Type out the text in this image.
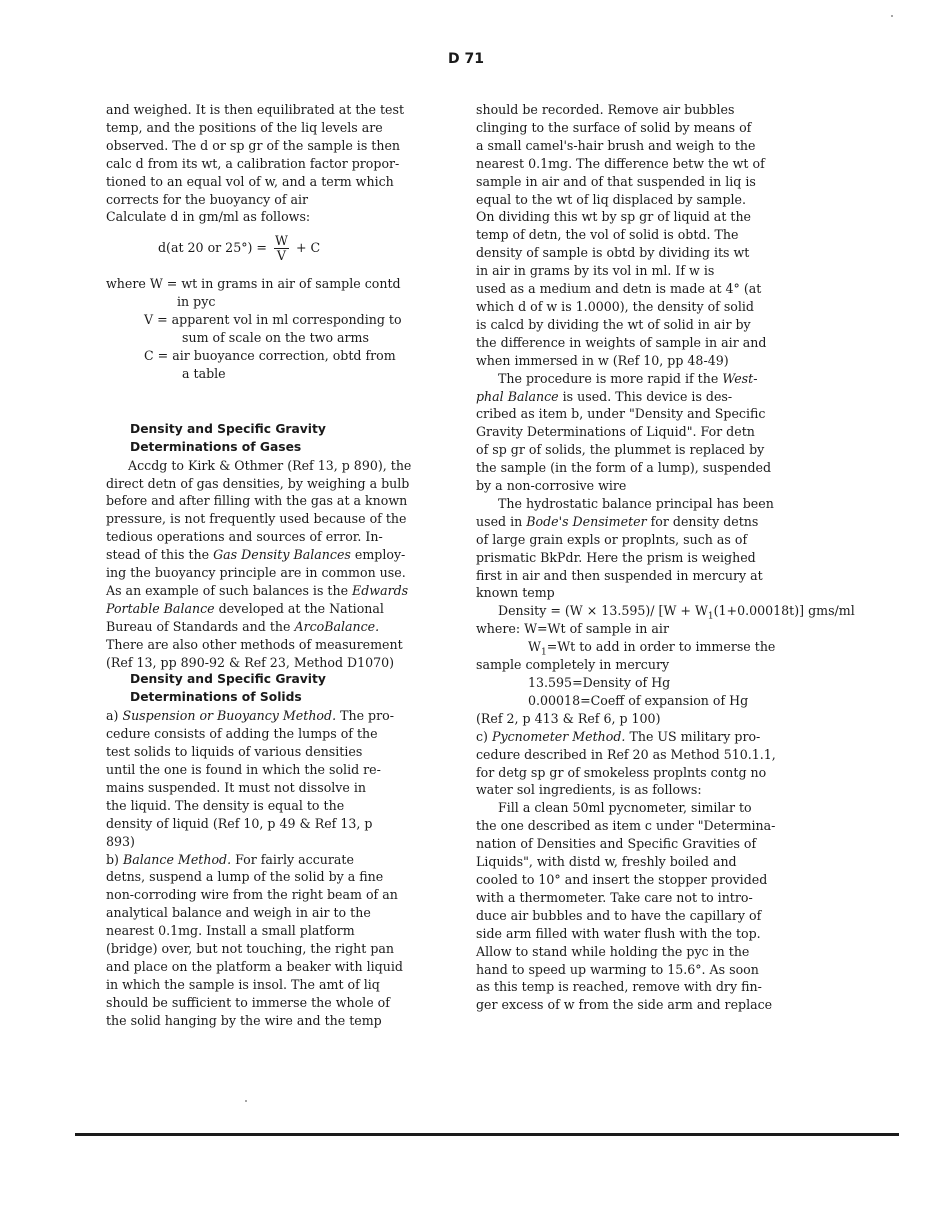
D 71

and weighed. It is then equilibrated at the test
temp, and the positions of the liq levels are
observed. The d or sp gr of the sample is then
calc d from its wt, a calibration factor propor-
tioned to an equal vol of w, and a term which
corrects for the buoyancy of air
Calculate d in gm/ml as follows:

d(at 20 or $25^\circ) = \frac{W}{V} + C$

where W = wt in grams in air of sample contd
in pyc
V = apparent vol in ml corresponding to
sum of scale on the two arms
C = air buoyance correction, obtd from
a table

Density and Specific Gravity
Determinations of Gases

Accdg to Kirk & Othmer (Ref 13, p 890), the
direct detn of gas densities, by weighing a bulb
before and after filling with the gas at a known
pressure, is not frequently used because of the
tedious operations and sources of error. In-
stead of this the Gas Density Balances employ-
ing the buoyancy principle are in common use.
As an example of such balances is the Edwards
Portable Balance developed at the National
Bureau of Standards and the ArcoBalance.
There are also other methods of measurement
(Ref 13, pp 890-92 & Ref 23, Method D1070)

Density and Specific Gravity
Determinations of Solids

a) Suspension or Buoyancy Method. The pro-
cedure consists of adding the lumps of the
test solids to liquids of various densities
until the one is found in which the solid re-
mains suspended. It must not dissolve in
the liquid. The density is equal to the
density of liquid (Ref 10, p 49 & Ref 13, p
893)

b) Balance Method. For fairly accurate
detns, suspend a lump of the solid by a fine
non-corroding wire from the right beam of an
analytical balance and weigh in air to the
nearest 0.1mg. Install a small platform
(bridge) over, but not touching, the right pan
and place on the platform a beaker with liquid
in which the sample is insol. The amt of liq
should be sufficient to immerse the whole of
the solid hanging by the wire and the temp

should be recorded. Remove air bubbles
clinging to the surface of solid by means of
a small camel's-hair brush and weigh to the
nearest 0.1mg. The difference betw the wt of
sample in air and of that suspended in liq is
equal to the wt of liq displaced by sample.
On dividing this wt by sp gr of liquid at the
temp of detn, the vol of solid is obtd. The
density of sample is obtd by dividing its wt
in air in grams by its vol in ml. If w is
used as a medium and detn is made at 4° (at
which d of w is 1.0000), the density of solid
is calcd by dividing the wt of solid in air by
the difference in weights of sample in air and
when immersed in w (Ref 10, pp 48-49)

The procedure is more rapid if the West-
phal Balance is used. This device is des-
cribed as item b, under "Density and Specific
Gravity Determinations of Liquid". For detn
of sp gr of solids, the plummet is replaced by
the sample (in the form of a lump), suspended
by a non-corrosive wire

The hydrostatic balance principal has been
used in Bode's Densimeter for density detns
of large grain expls or proplnts, such as of
prismatic BkPdr. Here the prism is weighed
first in air and then suspended in mercury at
known temp
Density = (W × 13.595)/ $[W + W_1(1+0.00018t)]$ gms/ml

where: W=Wt of sample in air
$W_1=Wt$ to add in order to immerse the
sample completely in mercury
13.595=Density of Hg
0.00018=Coeff of expansion of Hg
(Ref 2, p 413 & Ref 6, p 100)

c) Pycnometer Method. The US military pro-
cedure described in Ref 20 as Method 510.1.1,
for detg sp gr of smokeless proplnts contg no
water sol ingredients, is as follows:

Fill a clean 50ml pycnometer, similar to
the one described as item c under "Determina-
nation of Densities and Specific Gravities of
Liquids", with distd w, freshly boiled and
cooled to 10° and insert the stopper provided
with a thermometer. Take care not to intro-
duce air bubbles and to have the capillary of
side arm filled with water flush with the top.
Allow to stand while holding the pyc in the
hand to speed up warming to 15.6°. As soon
as this temp is reached, remove with dry fin-
ger excess of w from the side arm and replace
